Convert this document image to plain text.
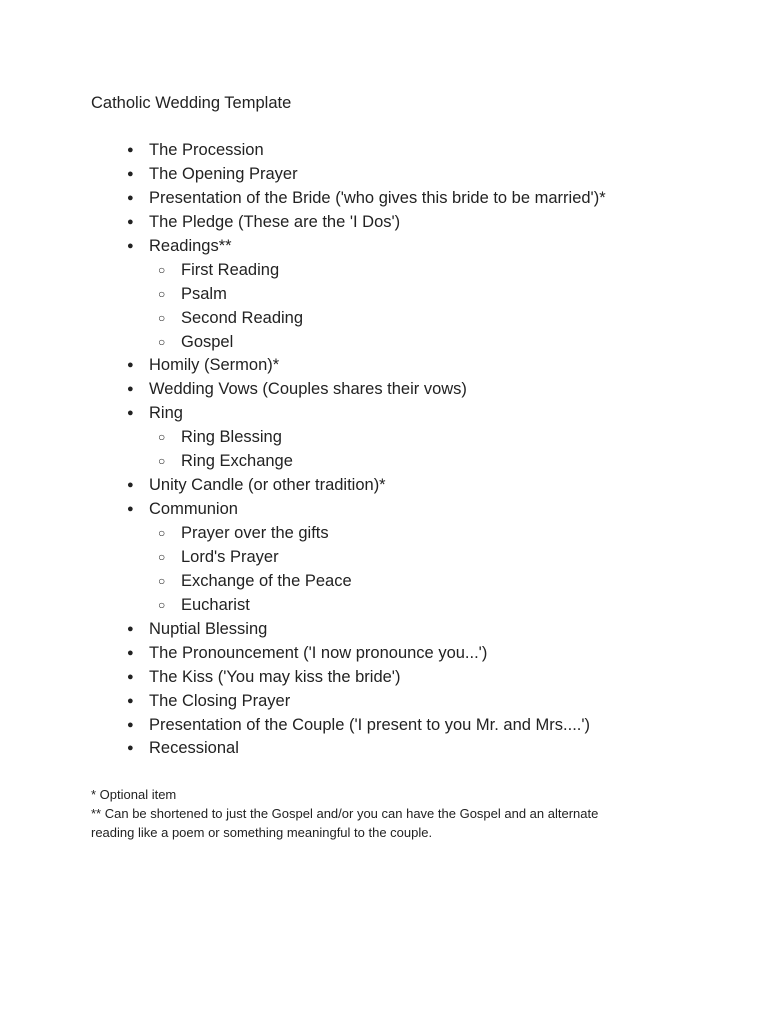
Catholic Wedding Template
● The Procession
● The Opening Prayer
● Presentation of the Bride ('who gives this bride to be married')*
● The Pledge (These are the 'I Dos')
● Readings**
○ First Reading
○ Psalm
○ Second Reading
○ Gospel
● Homily (Sermon)*
● Wedding Vows (Couples shares their vows)
● Ring
○ Ring Blessing
○ Ring Exchange
● Unity Candle (or other tradition)*
● Communion
○ Prayer over the gifts
○ Lord's Prayer
○ Exchange of the Peace
○ Eucharist
● Nuptial Blessing
● The Pronouncement ('I now pronounce you...')
● The Kiss ('You may kiss the bride')
● The Closing Prayer
● Presentation of the Couple ('I present to you Mr. and Mrs....')
● Recessional
* Optional item
** Can be shortened to just the Gospel and/or you can have the Gospel and an alternate
reading like a poem or something meaningful to the couple.
